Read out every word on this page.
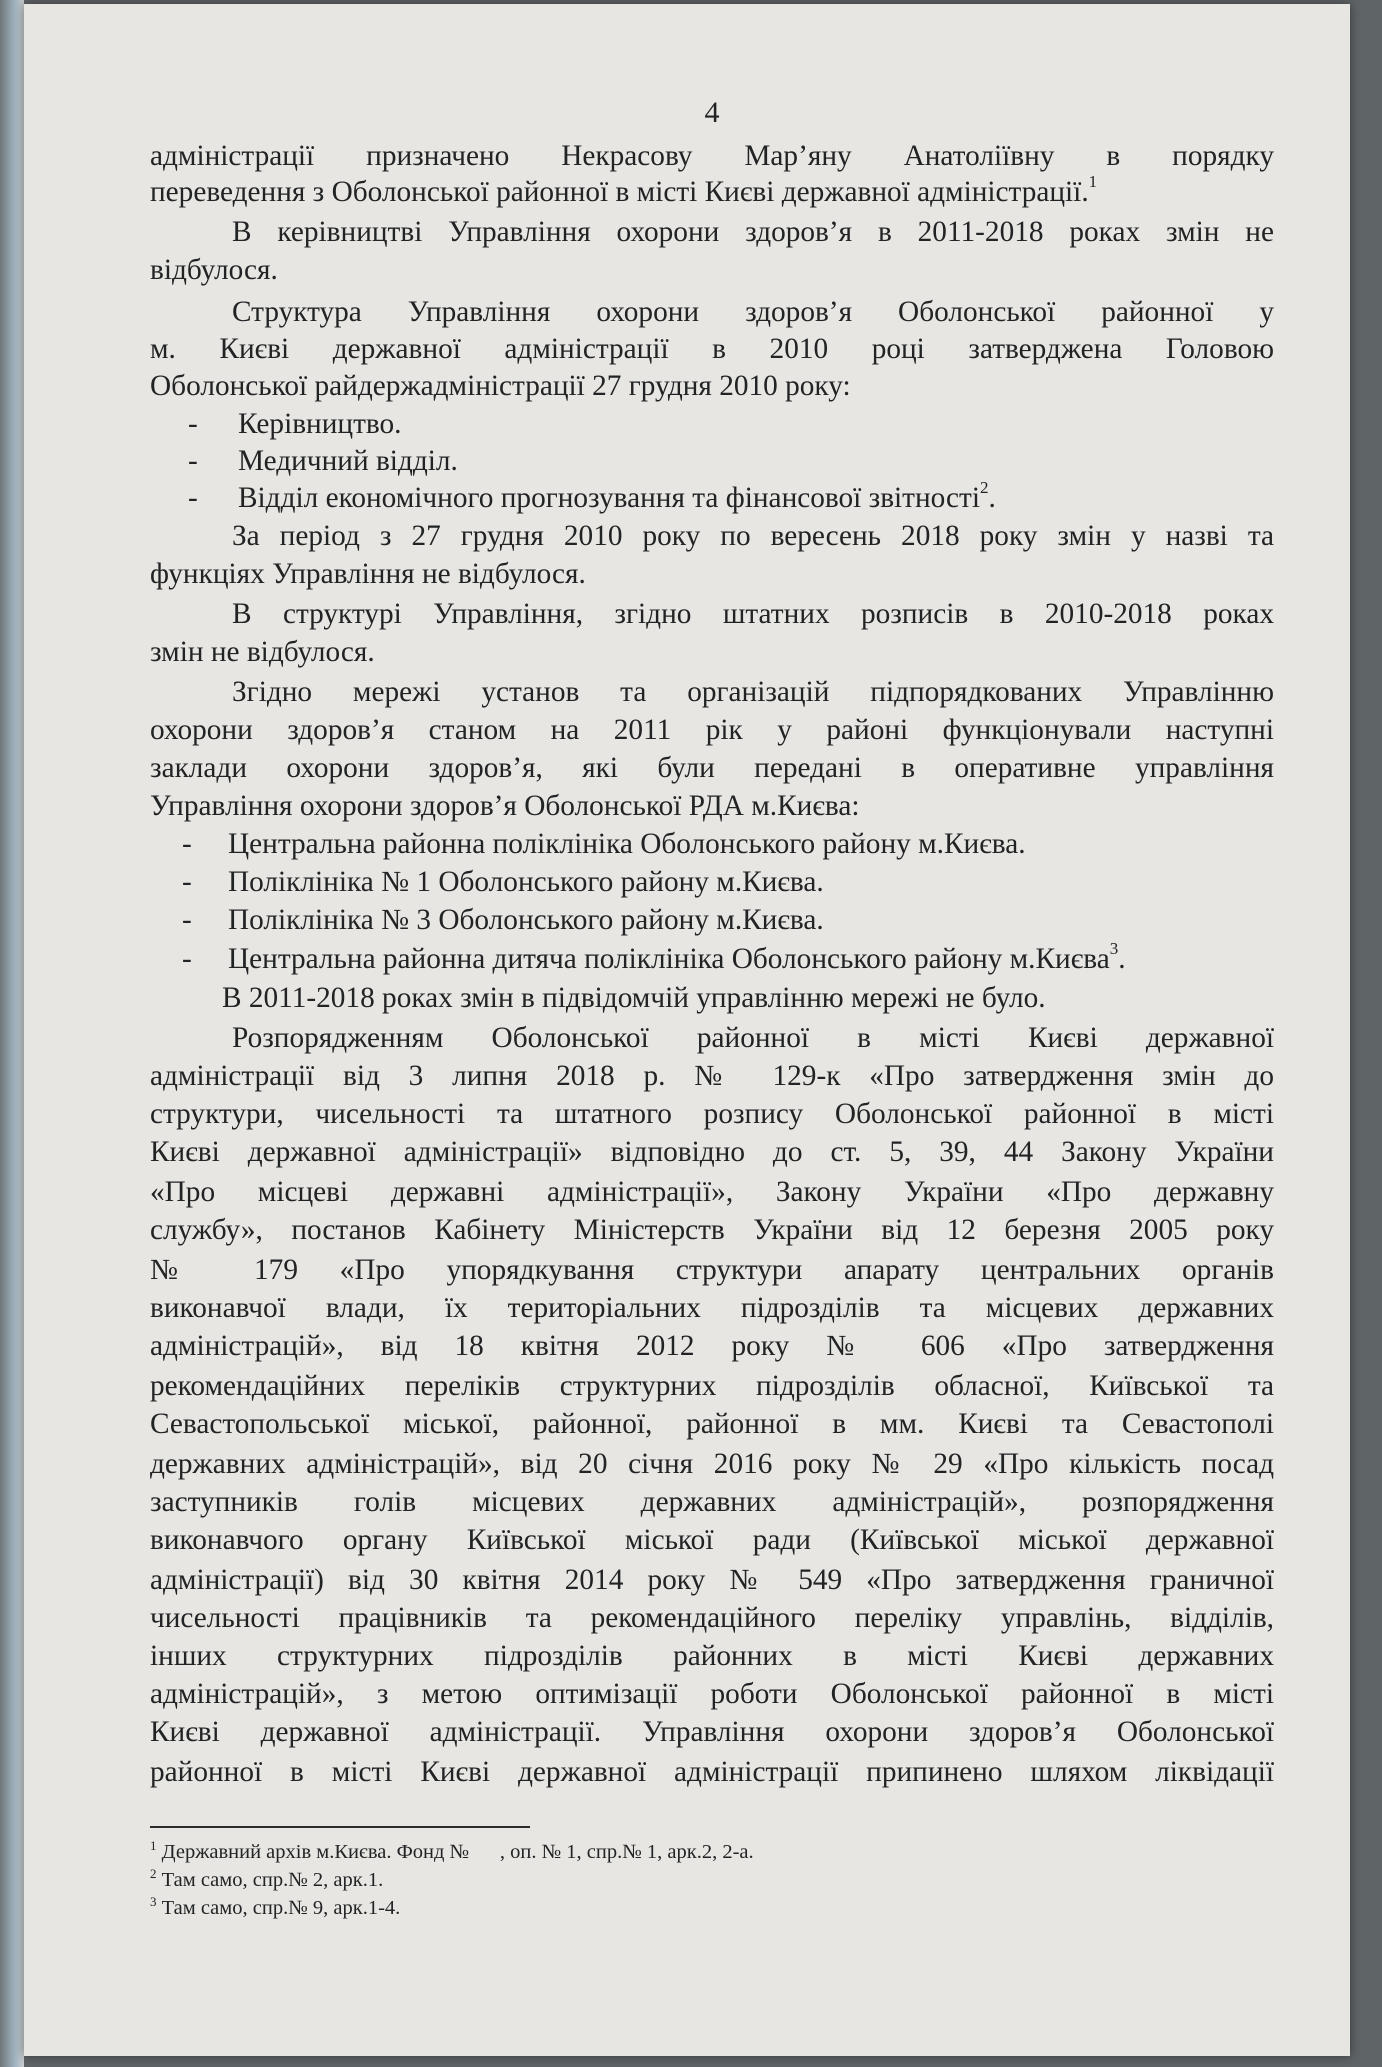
4
адміністрації призначено Некрасову Мар’яну Анатоліївну в порядку
переведення з Оболонської районної в місті Києві державної адміністрації.$^1$
В керівництві Управління охорони здоров’я в 2011-2018 роках змін не
відбулося.
Структура Управління охорони здоров’я Оболонської районної у
м. Києві державної адміністрації в 2010 році затверджена Головою
Оболонської райдержадміністрації 27 грудня 2010 року:
- Керівництво.
- Медичний відділ.
- Відділ економічного прогнозування та фінансової звітності$^2$.
За період з 27 грудня 2010 року по вересень 2018 року змін у назві та
функціях Управління не відбулося.
В структурі Управління, згідно штатних розписів в 2010-2018 роках
змін не відбулося.
Згідно мережі установ та організацій підпорядкованих Управлінню
охорони здоров’я станом на 2011 рік у районі функціонували наступні
заклади охорони здоров’я, які були передані в оперативне управління
Управління охорони здоров’я Оболонської РДА м.Києва:
- Центральна районна поліклініка Оболонського району м.Києва.
- Поліклініка № 1 Оболонського району м.Києва.
- Поліклініка № 3 Оболонського району м.Києва.
- Центральна районна дитяча поліклініка Оболонського району м.Києва$^3$.
В 2011-2018 роках змін в підвідомчій управлінню мережі не було.
Розпорядженням Оболонської районної в місті Києві державної
адміністрації від 3 липня 2018 р. № 129-к «Про затвердження змін до
структури, чисельності та штатного розпису Оболонської районної в місті
Києві державної адміністрації» відповідно до ст. 5, 39, 44 Закону України
«Про місцеві державні адміністрації», Закону України «Про державну
службу», постанов Кабінету Міністерств України від 12 березня 2005 року
№ 179 «Про упорядкування структури апарату центральних органів
виконавчої влади, їх територіальних підрозділів та місцевих державних
адміністрацій», від 18 квітня 2012 року № 606 «Про затвердження
рекомендаційних переліків структурних підрозділів обласної, Київської та
Севастопольської міської, районної, районної в мм. Києві та Севастополі
державних адміністрацій», від 20 січня 2016 року № 29 «Про кількість посад
заступників голів місцевих державних адміністрацій», розпорядження
виконавчого органу Київської міської ради (Київської міської державної
адміністрації) від 30 квітня 2014 року № 549 «Про затвердження граничної
чисельності працівників та рекомендаційного переліку управлінь, відділів,
інших структурних підрозділів районних в місті Києві державних
адміністрацій», з метою оптимізації роботи Оболонської районної в місті
Києві державної адміністрації. Управління охорони здоров’я Оболонської
районної в місті Києві державної адміністрації припинено шляхом ліквідації
$^1$ Державний архів м.Києва. Фонд №      , оп. № 1, спр.№ 1, арк.2, 2-а.
$^2$ Там само, спр.№ 2, арк.1.
$^3$ Там само, спр.№ 9, арк.1-4.
